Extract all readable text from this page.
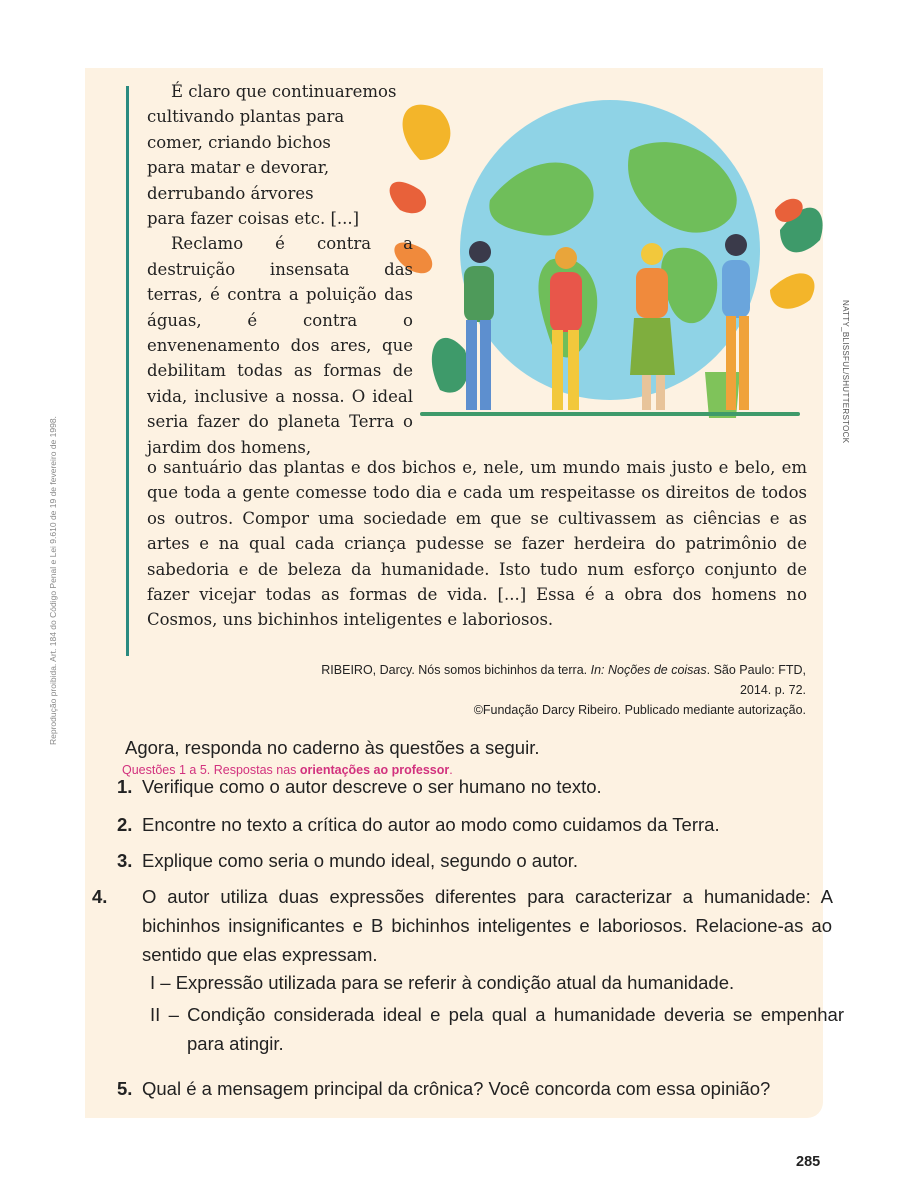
Reprodução proibida. Art. 184 do Código Penal e Lei 9.610 de 19 de fevereiro de 1998.
NATTY_BLISSFUL/SHUTTERSTOCK

É claro que continuaremos

cultivando plantas para

comer, criando bichos

para matar e devorar,

derrubando árvores

para fazer coisas etc. [...]

Reclamo é contra a destruição insensata das terras, é contra a poluição das águas, é contra o envenenamento dos ares, que debilitam todas as formas de vida, inclusive a nossa. O ideal seria fazer do planeta Terra o jardim dos homens,

o santuário das plantas e dos bichos e, nele, um mundo mais justo e belo, em que toda a gente comesse todo dia e cada um respeitasse os direitos de todos os outros. Compor uma sociedade em que se cultivassem as ciências e as artes e na qual cada criança pudesse se fazer herdeira do patrimônio de sabedoria e de beleza da humanidade. Isto tudo num esforço conjunto de fazer vicejar todas as formas de vida. [...] Essa é a obra dos homens no Cosmos, uns bichinhos inteligentes e laboriosos.

RIBEIRO, Darcy. Nós somos bichinhos da terra. In: Noções de coisas. São Paulo: FTD, 2014. p. 72.
©Fundação Darcy Ribeiro. Publicado mediante autorização.
Agora, responda no caderno às questões a seguir.
Questões 1 a 5. Respostas nas orientações ao professor.
1. Verifique como o autor descreve o ser humano no texto.
2. Encontre no texto a crítica do autor ao modo como cuidamos da Terra.
3. Explique como seria o mundo ideal, segundo o autor.
4. O autor utiliza duas expressões diferentes para caracterizar a humanidade: A bichinhos insignificantes e B bichinhos inteligentes e laboriosos. Relacione-as ao sentido que elas expressam.
I – Expressão utilizada para se referir à condição atual da humanidade.
II – Condição considerada ideal e pela qual a humanidade deveria se empenhar para atingir.
5. Qual é a mensagem principal da crônica? Você concorda com essa opinião?
285
